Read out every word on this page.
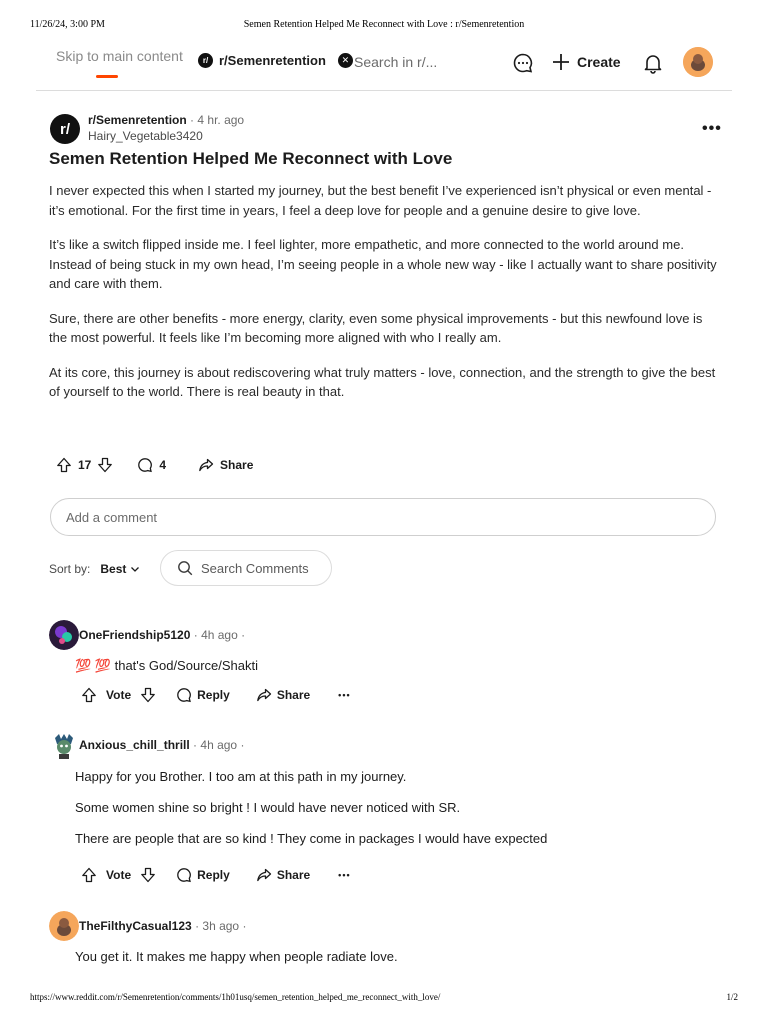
11/26/24, 3:00 PM	Semen Retention Helped Me Reconnect with Love : r/Semenretention
Skip to main content	r/ r/Semenretention	✕ Search in r/...	Create
r/
r/Semenretention · 4 hr. ago
Hairy_Vegetable3420	•••
Semen Retention Helped Me Reconnect with Love

I never expected this when I started my journey, but the best benefit I’ve experienced isn’t physical or even mental - it’s emotional. For the first time in years, I feel a deep love for people and a genuine desire to give love.

It’s like a switch flipped inside me. I feel lighter, more empathetic, and more connected to the world around me. Instead of being stuck in my own head, I’m seeing people in a whole new way - like I actually want to share positivity and care with them.

Sure, there are other benefits - more energy, clarity, even some physical improvements - but this newfound love is the most powerful. It feels like I’m becoming more aligned with who I really am.

At its core, this journey is about rediscovering what truly matters - love, connection, and the strength to give the best of yourself to the world. There is real beauty in that.

17	4	Share
Add a comment
Sort by: Best	Search Comments
OneFriendship5120 · 4h ago ·

💯 💯 that's God/Source/Shakti

Vote	Reply	Share	•••
Anxious_chill_thrill · 4h ago ·

Happy for you Brother. I too am at this path in my journey.

Some women shine so bright ! I would have never noticed with SR.

There are people that are so kind ! They come in packages I would have expected

Vote	Reply	Share	•••
TheFilthyCasual123 · 3h ago ·

You get it. It makes me happy when people radiate love.

https://www.reddit.com/r/Semenretention/comments/1h01usq/semen_retention_helped_me_reconnect_with_love/	1/2
